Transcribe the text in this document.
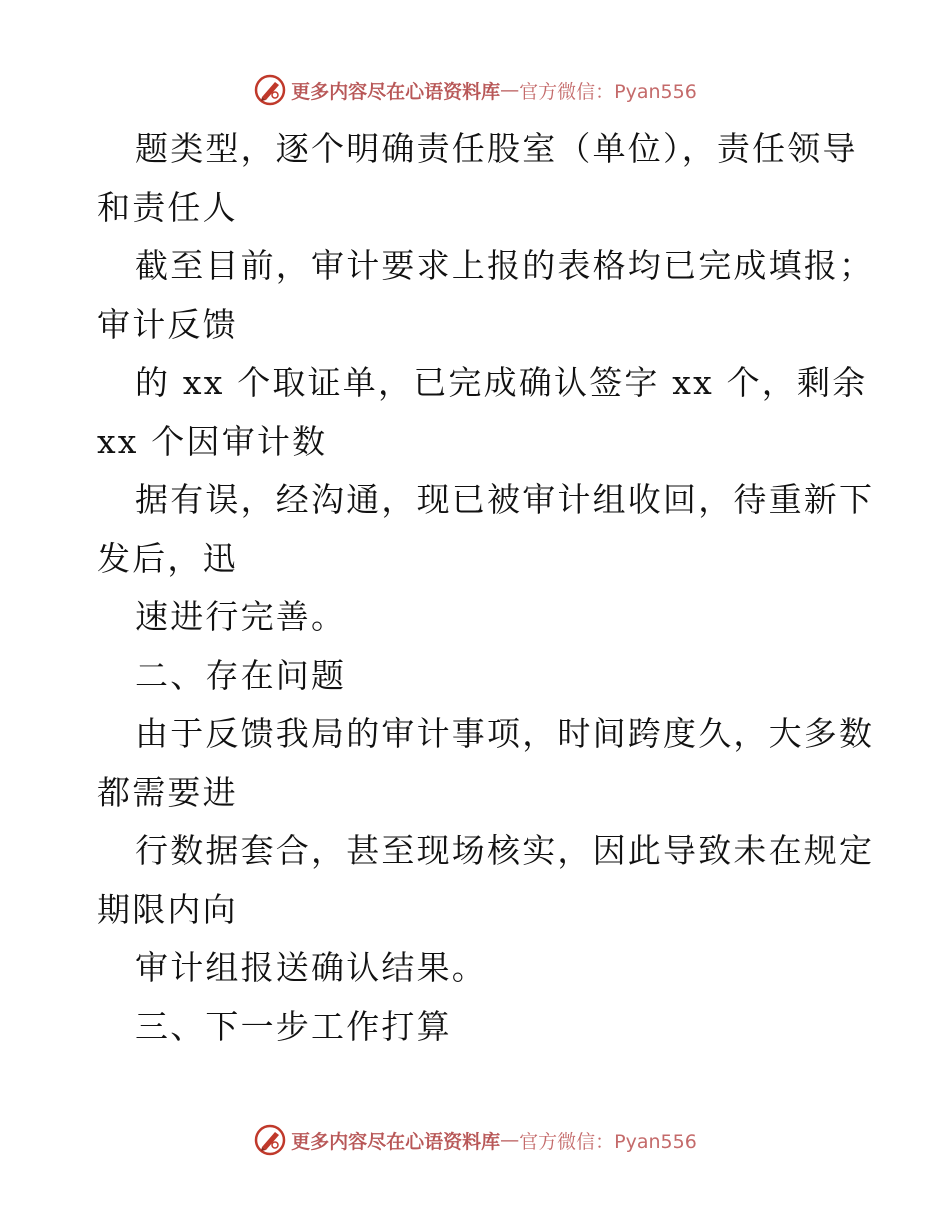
更多内容尽在心语资料库 — 官方微信：Pyan556
题类型，逐个明确责任股室（单位），责任领导
和责任人
截至目前，审计要求上报的表格均已完成填报；
审计反馈
的 xx 个取证单，已完成确认签字 xx 个，剩余
xx 个因审计数
据有误，经沟通，现已被审计组收回，待重新下
发后，迅
速进行完善。
二、存在问题
由于反馈我局的审计事项，时间跨度久，大多数
都需要进
行数据套合，甚至现场核实，因此导致未在规定
期限内向
审计组报送确认结果。
三、下一步工作打算
更多内容尽在心语资料库 — 官方微信：Pyan556
